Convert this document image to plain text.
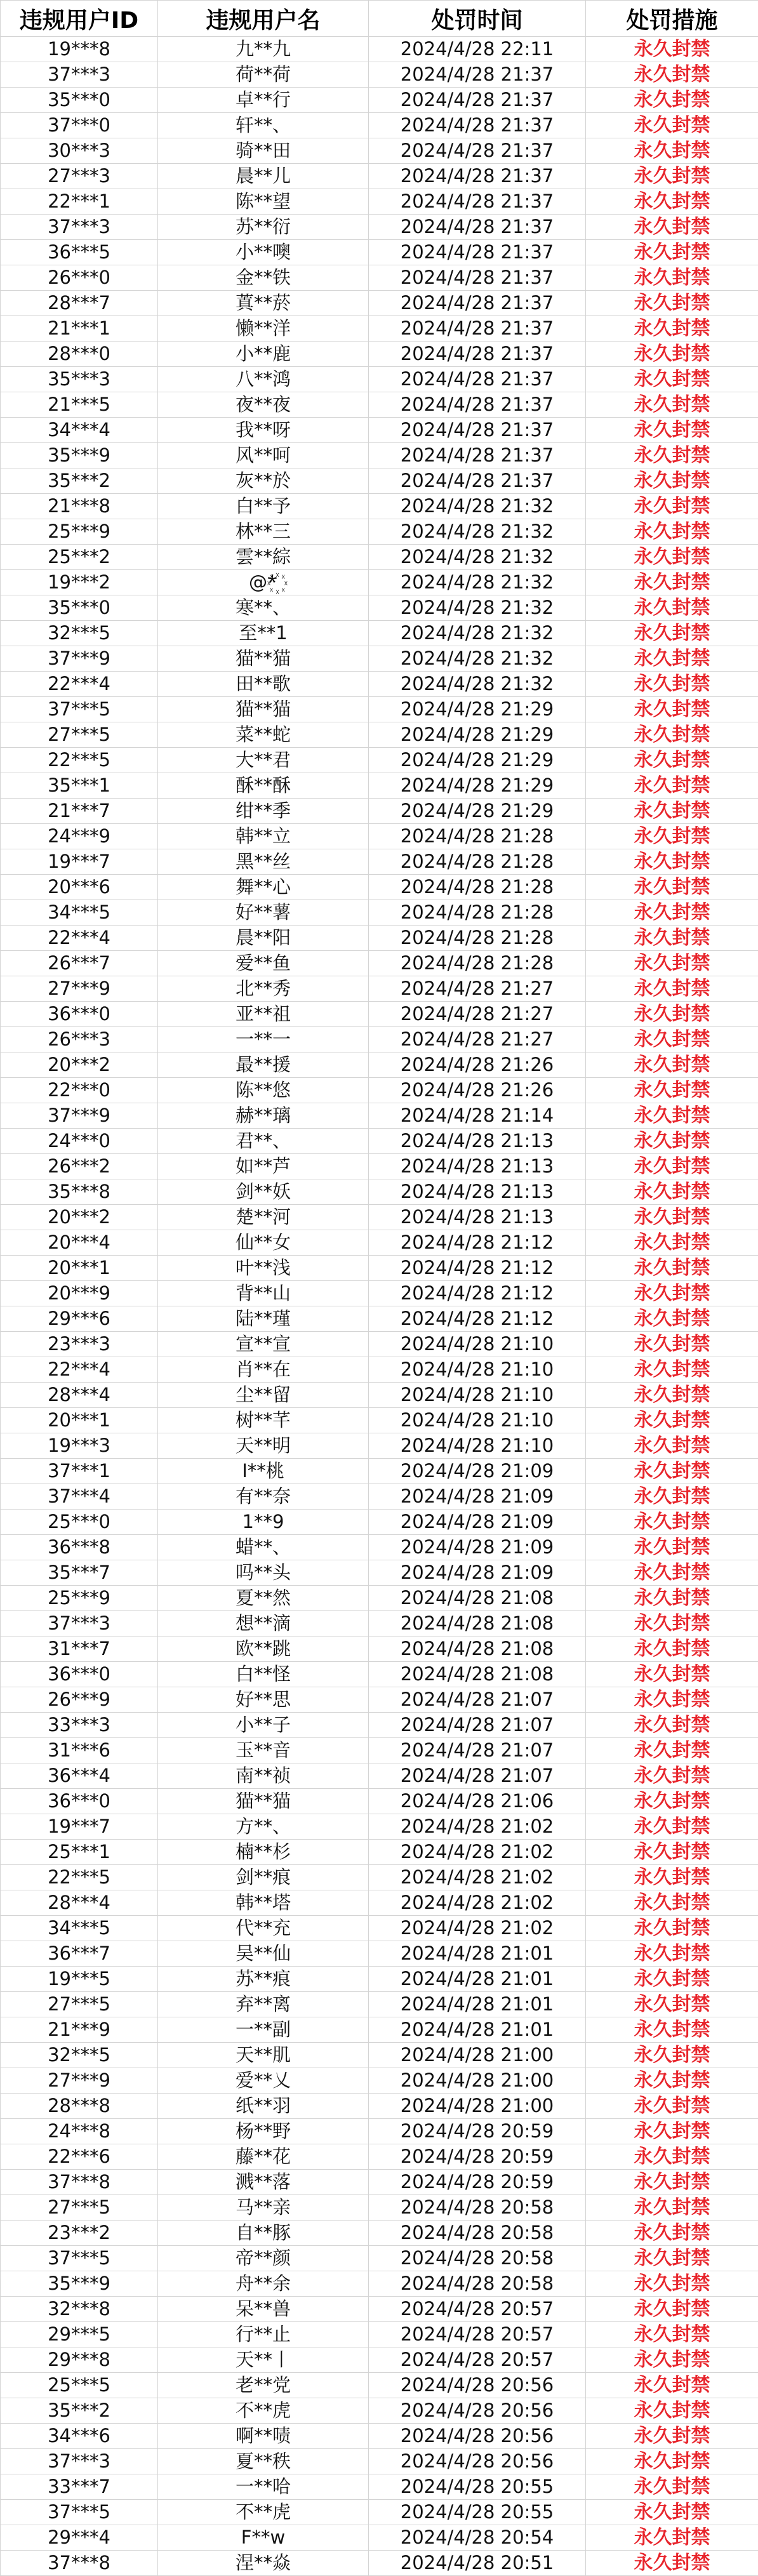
违规用户ID	违规用户名	处罚时间	处罚措施
19***8	九**九	2024/4/28 22:11	永久封禁
37***3	荷**荷	2024/4/28 21:37	永久封禁
35***0	卓**行	2024/4/28 21:37	永久封禁
37***0	轩**、	2024/4/28 21:37	永久封禁
30***3	骑**田	2024/4/28 21:37	永久封禁
27***3	晨**儿	2024/4/28 21:37	永久封禁
22***1	陈**望	2024/4/28 21:37	永久封禁
37***3	苏**衍	2024/4/28 21:37	永久封禁
36***5	小**噢	2024/4/28 21:37	永久封禁
26***0	金**铁	2024/4/28 21:37	永久封禁
28***7	蒖**菸	2024/4/28 21:37	永久封禁
21***1	懒**洋	2024/4/28 21:37	永久封禁
28***0	小**鹿	2024/4/28 21:37	永久封禁
35***3	八**鸿	2024/4/28 21:37	永久封禁
21***5	夜**夜	2024/4/28 21:37	永久封禁
34***4	我**呀	2024/4/28 21:37	永久封禁
35***9	风**呵	2024/4/28 21:37	永久封禁
35***2	灰**於	2024/4/28 21:37	永久封禁
21***8	白**予	2024/4/28 21:32	永久封禁
25***9	林**三	2024/4/28 21:32	永久封禁
25***2	雲**綜	2024/4/28 21:32	永久封禁
19***2	@*꙰	2024/4/28 21:32	永久封禁
35***0	寒**、	2024/4/28 21:32	永久封禁
32***5	至**1	2024/4/28 21:32	永久封禁
37***9	猫**猫	2024/4/28 21:32	永久封禁
22***4	田**歌	2024/4/28 21:32	永久封禁
37***5	猫**猫	2024/4/28 21:29	永久封禁
27***5	菜**蛇	2024/4/28 21:29	永久封禁
22***5	大**君	2024/4/28 21:29	永久封禁
35***1	酥**酥	2024/4/28 21:29	永久封禁
21***7	绀**季	2024/4/28 21:29	永久封禁
24***9	韩**立	2024/4/28 21:28	永久封禁
19***7	黑**丝	2024/4/28 21:28	永久封禁
20***6	舞**心	2024/4/28 21:28	永久封禁
34***5	好**薯	2024/4/28 21:28	永久封禁
22***4	晨**阳	2024/4/28 21:28	永久封禁
26***7	爱**鱼	2024/4/28 21:28	永久封禁
27***9	北**秀	2024/4/28 21:27	永久封禁
36***0	亚**祖	2024/4/28 21:27	永久封禁
26***3	一**一	2024/4/28 21:27	永久封禁
20***2	最**援	2024/4/28 21:26	永久封禁
22***0	陈**悠	2024/4/28 21:26	永久封禁
37***9	赫**璃	2024/4/28 21:14	永久封禁
24***0	君**、	2024/4/28 21:13	永久封禁
26***2	如**芦	2024/4/28 21:13	永久封禁
35***8	剑**妖	2024/4/28 21:13	永久封禁
20***2	楚**河	2024/4/28 21:13	永久封禁
20***4	仙**女	2024/4/28 21:12	永久封禁
20***1	叶**浅	2024/4/28 21:12	永久封禁
20***9	背**山	2024/4/28 21:12	永久封禁
29***6	陆**瑾	2024/4/28 21:12	永久封禁
23***3	宣**宣	2024/4/28 21:10	永久封禁
22***4	肖**在	2024/4/28 21:10	永久封禁
28***4	尘**留	2024/4/28 21:10	永久封禁
20***1	树**芊	2024/4/28 21:10	永久封禁
19***3	天**明	2024/4/28 21:10	永久封禁
37***1	I**桃	2024/4/28 21:09	永久封禁
37***4	有**奈	2024/4/28 21:09	永久封禁
25***0	1**9	2024/4/28 21:09	永久封禁
36***8	蜡**、	2024/4/28 21:09	永久封禁
35***7	吗**头	2024/4/28 21:09	永久封禁
25***9	夏**然	2024/4/28 21:08	永久封禁
37***3	想**滴	2024/4/28 21:08	永久封禁
31***7	欧**跳	2024/4/28 21:08	永久封禁
36***0	白**怪	2024/4/28 21:08	永久封禁
26***9	好**思	2024/4/28 21:07	永久封禁
33***3	小**子	2024/4/28 21:07	永久封禁
31***6	玉**音	2024/4/28 21:07	永久封禁
36***4	南**祯	2024/4/28 21:07	永久封禁
36***0	猫**猫	2024/4/28 21:06	永久封禁
19***7	方**、	2024/4/28 21:02	永久封禁
25***1	楠**杉	2024/4/28 21:02	永久封禁
22***5	剑**痕	2024/4/28 21:02	永久封禁
28***4	韩**塔	2024/4/28 21:02	永久封禁
34***5	代**充	2024/4/28 21:02	永久封禁
36***7	吴**仙	2024/4/28 21:01	永久封禁
19***5	苏**痕	2024/4/28 21:01	永久封禁
27***5	弃**离	2024/4/28 21:01	永久封禁
21***9	一**副	2024/4/28 21:01	永久封禁
32***5	天**肌	2024/4/28 21:00	永久封禁
27***9	爱**乂	2024/4/28 21:00	永久封禁
28***8	纸**羽	2024/4/28 21:00	永久封禁
24***8	杨**野	2024/4/28 20:59	永久封禁
22***6	藤**花	2024/4/28 20:59	永久封禁
37***8	溅**落	2024/4/28 20:59	永久封禁
27***5	马**亲	2024/4/28 20:58	永久封禁
23***2	自**豚	2024/4/28 20:58	永久封禁
37***5	帝**颜	2024/4/28 20:58	永久封禁
35***9	舟**余	2024/4/28 20:58	永久封禁
32***8	呆**兽	2024/4/28 20:57	永久封禁
29***5	行**止	2024/4/28 20:57	永久封禁
29***8	天**丨	2024/4/28 20:57	永久封禁
25***5	老**党	2024/4/28 20:56	永久封禁
35***2	不**虎	2024/4/28 20:56	永久封禁
34***6	啊**啧	2024/4/28 20:56	永久封禁
37***3	夏**秩	2024/4/28 20:56	永久封禁
33***7	一**哈	2024/4/28 20:55	永久封禁
37***5	不**虎	2024/4/28 20:55	永久封禁
29***4	F**w	2024/4/28 20:54	永久封禁
37***8	涅**焱	2024/4/28 20:51	永久封禁
